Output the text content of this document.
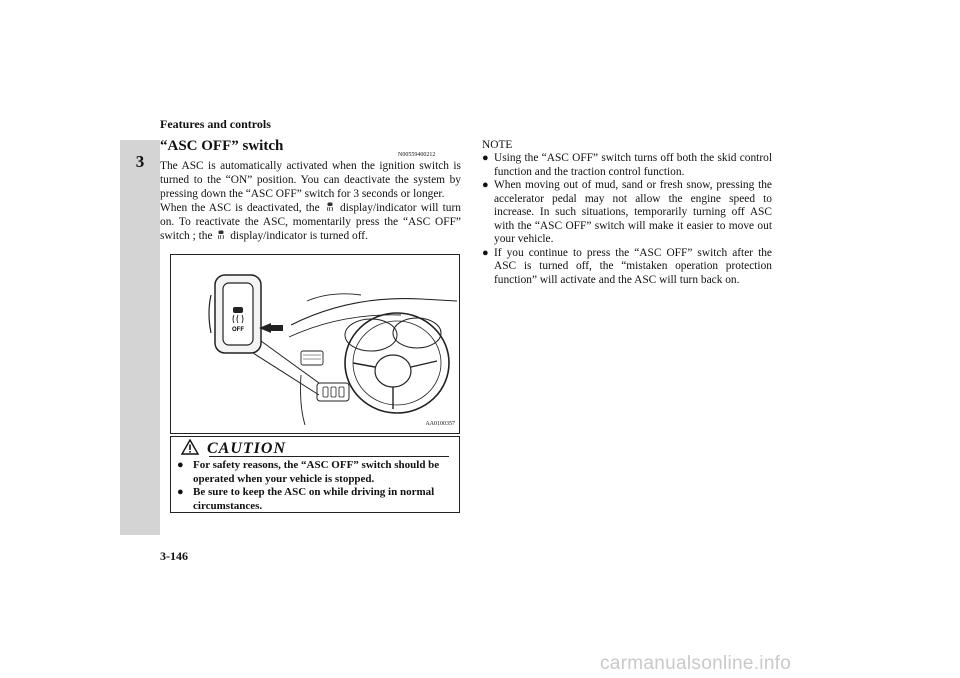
Features and controls
3
“ASC OFF” switch
N00559400212

The ASC is automatically activated when the ignition switch is turned to the “ON” position. You can deactivate the system by pressing down the “ASC OFF” switch for 3 seconds or longer.

When the ASC is deactivated, the display/indicator will turn on. To reactivate the ASC, momentarily press the “ASC OFF” switch ; the display/indicator is turned off.

OFF
AA0100357
CAUTION
● For safety reasons, the “ASC OFF” switch should be operated when your vehicle is stopped.
● Be sure to keep the ASC on while driving in normal circumstances.
NOTE
● Using the “ASC OFF” switch turns off both the skid control function and the traction control function.
● When moving out of mud, sand or fresh snow, pressing the accelerator pedal may not allow the engine speed to increase. In such situations, temporarily turning off ASC with the “ASC OFF” switch will make it easier to move out your vehicle.
● If you continue to press the “ASC OFF” switch after the ASC is turned off, the “mistaken operation protection function” will activate and the ASC will turn back on.
3-146
carmanualsonline.info
